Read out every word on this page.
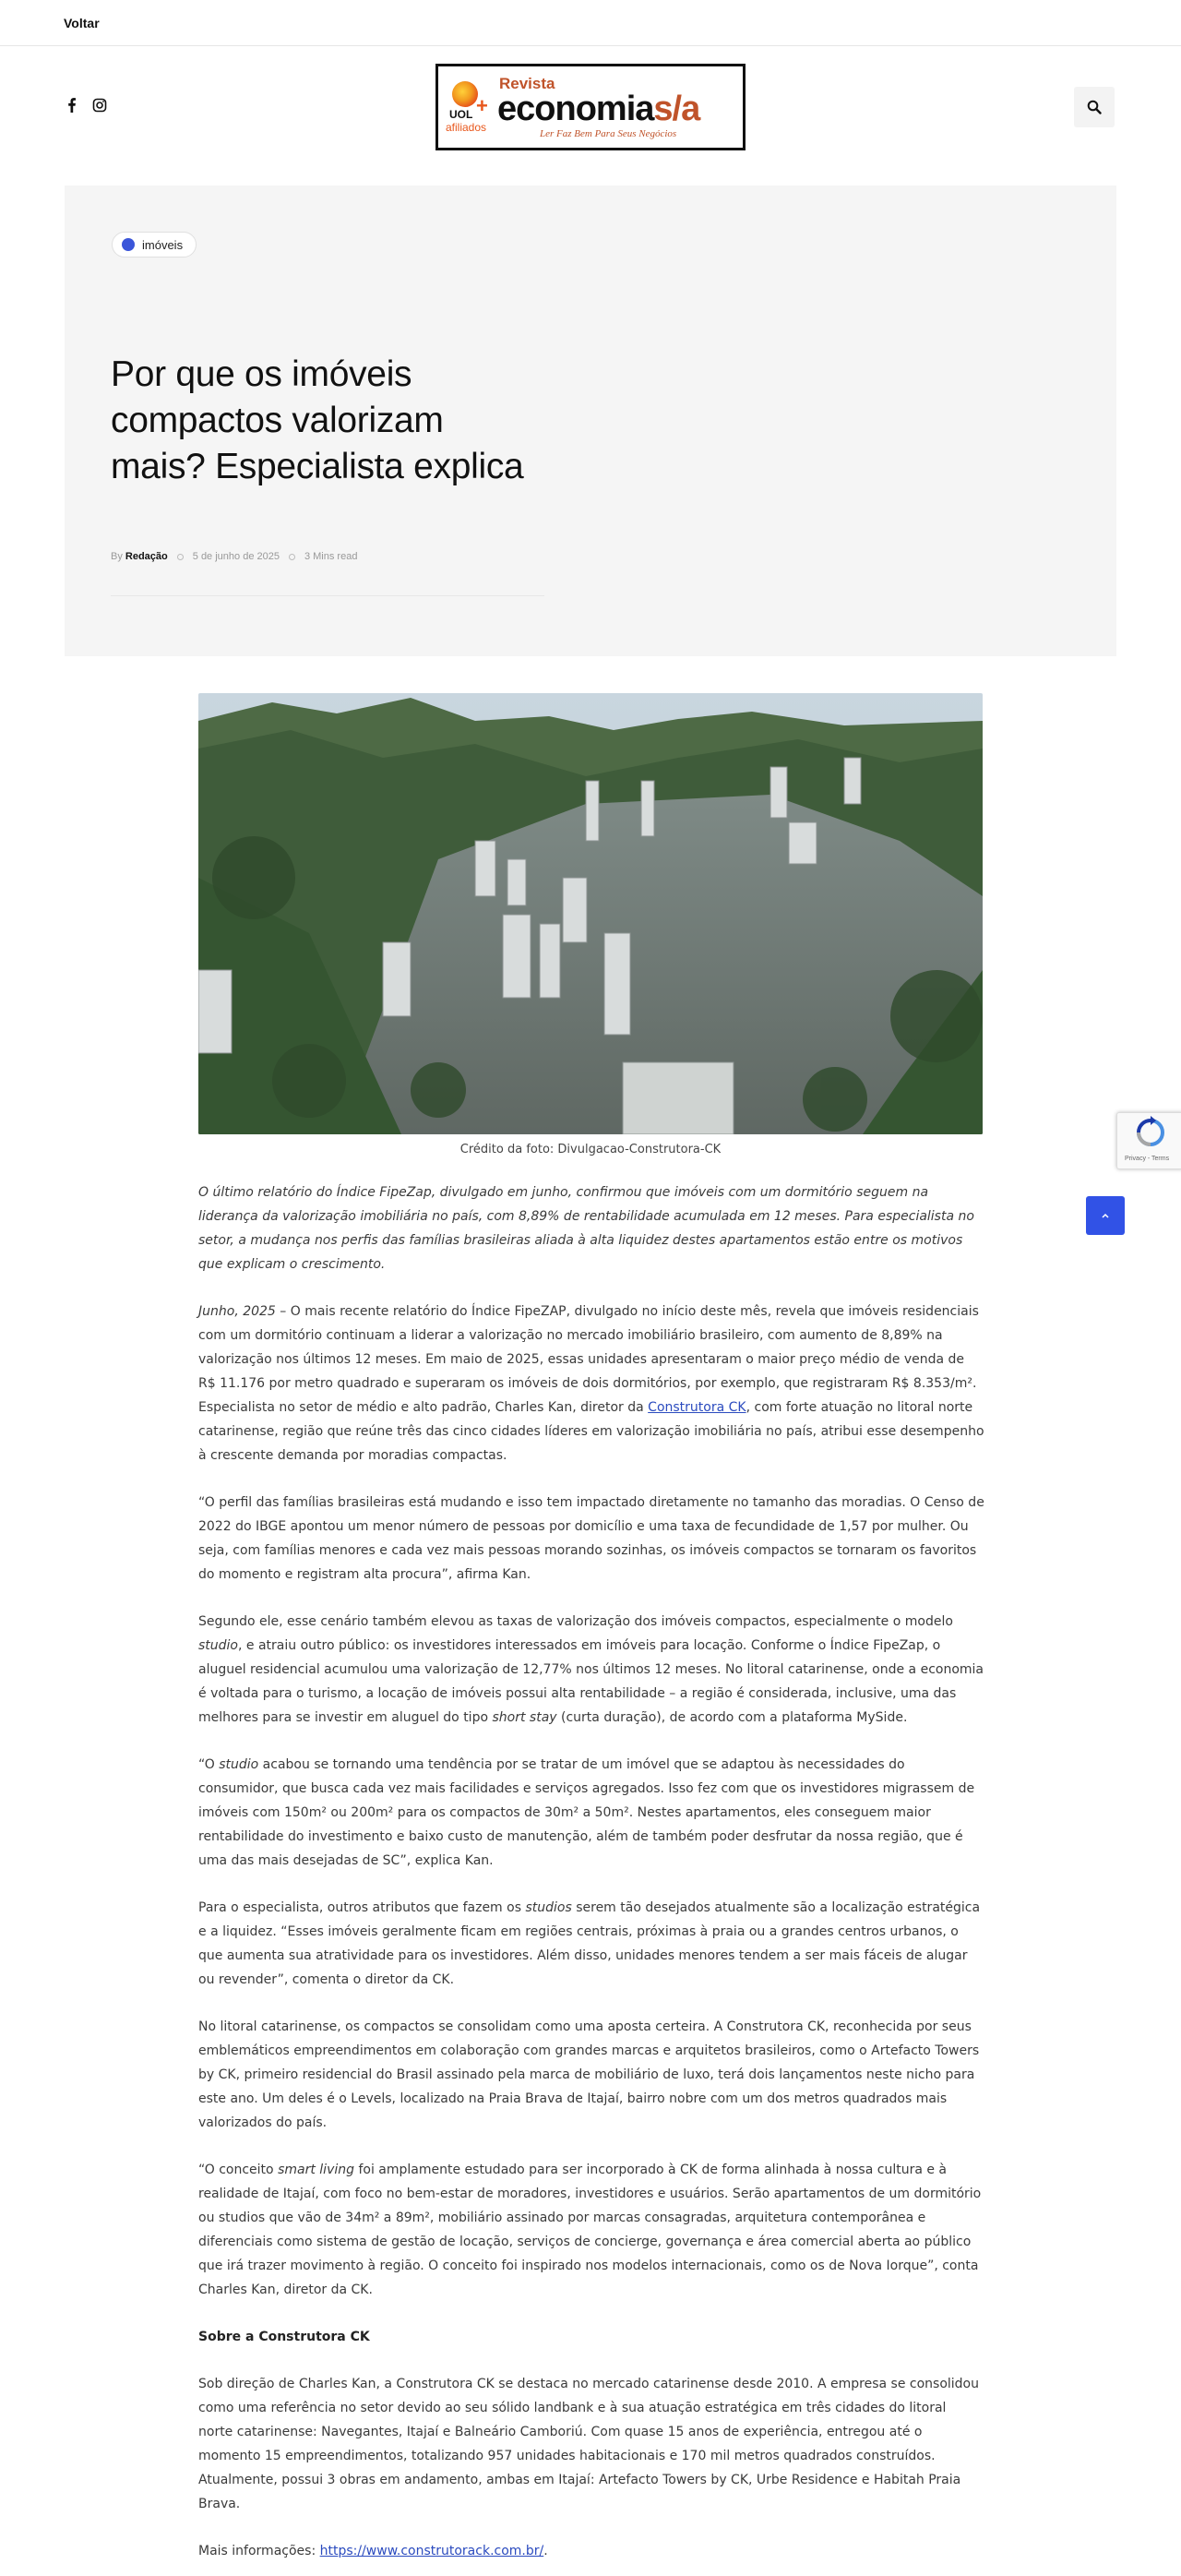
Voltar
UOL +
afiliados
Revista
economias/a
Ler Faz Bem Para Seus Negócios
imóveis
Por que os imóveis compactos valorizam mais? Especialista explica
By Redação 5 de junho de 2025 3 Mins read
Crédito da foto: Divulgacao-Construtora-CK

O último relatório do Índice FipeZap, divulgado em junho, confirmou que imóveis com um dormitório seguem na liderança da valorização imobiliária no país, com 8,89% de rentabilidade acumulada em 12 meses. Para especialista no setor, a mudança nos perfis das famílias brasileiras aliada à alta liquidez destes apartamentos estão entre os motivos que explicam o crescimento.

Junho, 2025 – O mais recente relatório do Índice FipeZAP, divulgado no início deste mês, revela que imóveis residenciais com um dormitório continuam a liderar a valorização no mercado imobiliário brasileiro, com aumento de 8,89% na valorização nos últimos 12 meses. Em maio de 2025, essas unidades apresentaram o maior preço médio de venda de R$ 11.176 por metro quadrado e superaram os imóveis de dois dormitórios, por exemplo, que registraram R$ 8.353/m². Especialista no setor de médio e alto padrão, Charles Kan, diretor da Construtora CK, com forte atuação no litoral norte catarinense, região que reúne três das cinco cidades líderes em valorização imobiliária no país, atribui esse desempenho à crescente demanda por moradias compactas.

“O perfil das famílias brasileiras está mudando e isso tem impactado diretamente no tamanho das moradias. O Censo de 2022 do IBGE apontou um menor número de pessoas por domicílio e uma taxa de fecundidade de 1,57 por mulher. Ou seja, com famílias menores e cada vez mais pessoas morando sozinhas, os imóveis compactos se tornaram os favoritos do momento e registram alta procura”, afirma Kan.

Segundo ele, esse cenário também elevou as taxas de valorização dos imóveis compactos, especialmente o modelo studio, e atraiu outro público: os investidores interessados em imóveis para locação. Conforme o Índice FipeZap, o aluguel residencial acumulou uma valorização de 12,77% nos últimos 12 meses. No litoral catarinense, onde a economia é voltada para o turismo, a locação de imóveis possui alta rentabilidade – a região é considerada, inclusive, uma das melhores para se investir em aluguel do tipo short stay (curta duração), de acordo com a plataforma MySide.

“O studio acabou se tornando uma tendência por se tratar de um imóvel que se adaptou às necessidades do consumidor, que busca cada vez mais facilidades e serviços agregados. Isso fez com que os investidores migrassem de imóveis com 150m² ou 200m² para os compactos de 30m² a 50m². Nestes apartamentos, eles conseguem maior rentabilidade do investimento e baixo custo de manutenção, além de também poder desfrutar da nossa região, que é uma das mais desejadas de SC”, explica Kan.

Para o especialista, outros atributos que fazem os studios serem tão desejados atualmente são a localização estratégica e a liquidez. “Esses imóveis geralmente ficam em regiões centrais, próximas à praia ou a grandes centros urbanos, o que aumenta sua atratividade para os investidores. Além disso, unidades menores tendem a ser mais fáceis de alugar ou revender”, comenta o diretor da CK.

No litoral catarinense, os compactos se consolidam como uma aposta certeira. A Construtora CK, reconhecida por seus emblemáticos empreendimentos em colaboração com grandes marcas e arquitetos brasileiros, como o Artefacto Towers by CK, primeiro residencial do Brasil assinado pela marca de mobiliário de luxo, terá dois lançamentos neste nicho para este ano. Um deles é o Levels, localizado na Praia Brava de Itajaí, bairro nobre com um dos metros quadrados mais valorizados do país.

“O conceito smart living foi amplamente estudado para ser incorporado à CK de forma alinhada à nossa cultura e à realidade de Itajaí, com foco no bem-estar de moradores, investidores e usuários. Serão apartamentos de um dormitório ou studios que vão de 34m² a 89m², mobiliário assinado por marcas consagradas, arquitetura contemporânea e diferenciais como sistema de gestão de locação, serviços de concierge, governança e área comercial aberta ao público que irá trazer movimento à região. O conceito foi inspirado nos modelos internacionais, como os de Nova Iorque”, conta Charles Kan, diretor da CK.

Sobre a Construtora CK

Sob direção de Charles Kan, a Construtora CK se destaca no mercado catarinense desde 2010. A empresa se consolidou como uma referência no setor devido ao seu sólido landbank e à sua atuação estratégica em três cidades do litoral norte catarinense: Navegantes, Itajaí e Balneário Camboriú. Com quase 15 anos de experiência, entregou até o momento 15 empreendimentos, totalizando 957 unidades habitacionais e 170 mil metros quadrados construídos. Atualmente, possui 3 obras em andamento, ambas em Itajaí: Artefacto Towers by CK, Urbe Residence e Habitah Praia Brava.

Mais informações: https://www.construtorack.com.br/.

Privacy - Terms
